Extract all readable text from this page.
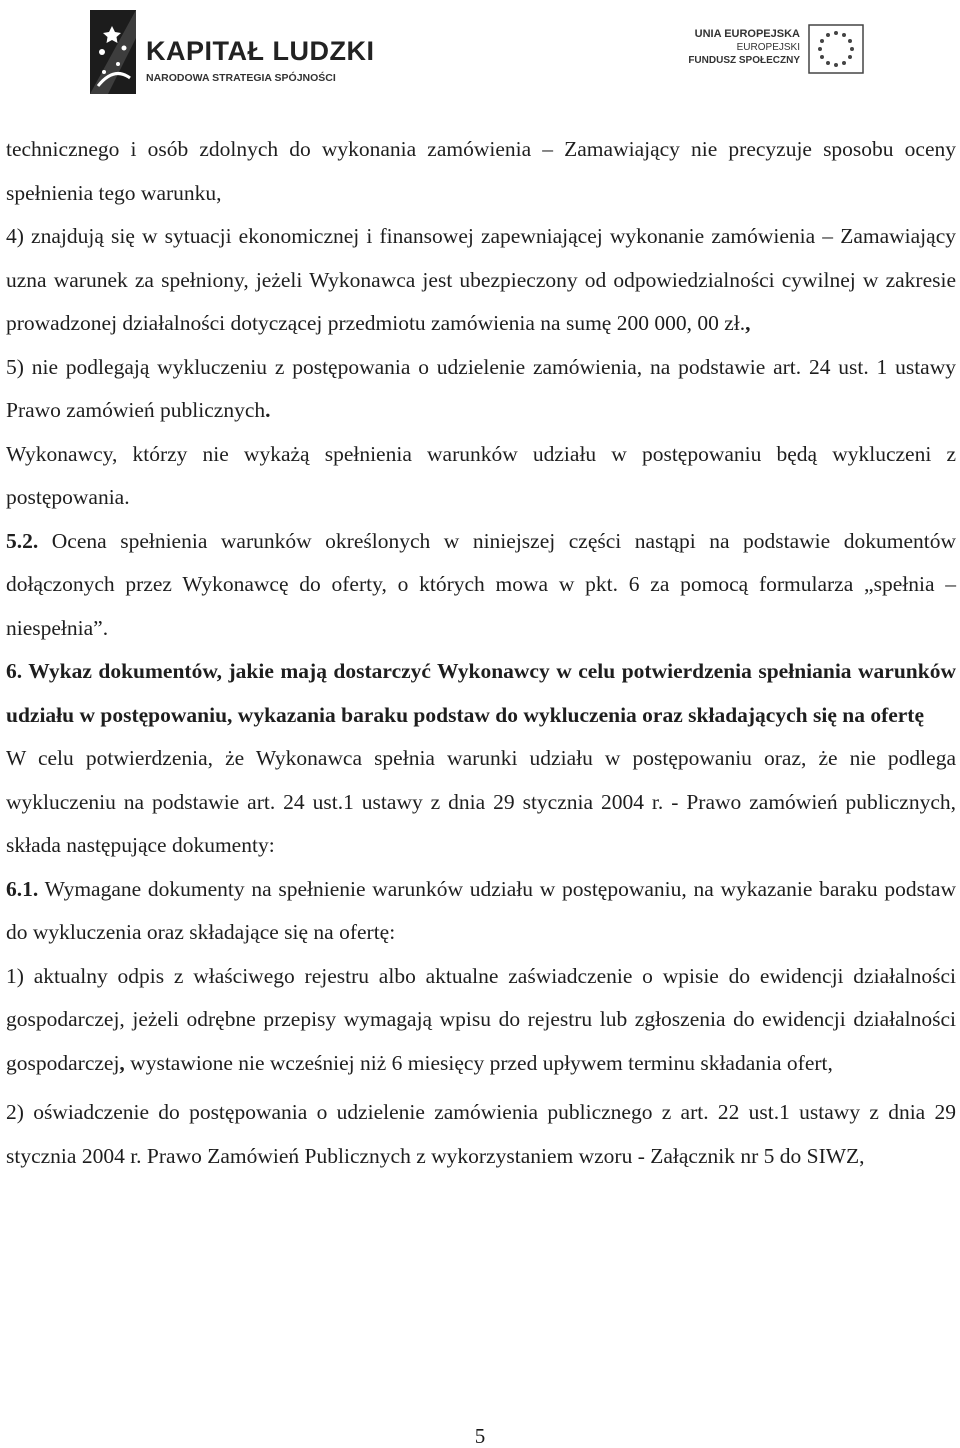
KAPITAŁ LUDZKI
NARODOWA STRATEGIA SPÓJNOŚCI
UNIA EUROPEJSKA
EUROPEJSKI
FUNDUSZ SPOŁECZNY

technicznego i osób zdolnych do wykonania zamówienia – Zamawiający nie precyzuje sposobu oceny spełnienia tego warunku,

4) znajdują się w sytuacji ekonomicznej i finansowej zapewniającej wykonanie zamówienia – Zamawiający uzna warunek za spełniony, jeżeli Wykonawca jest ubezpieczony od odpowiedzialności cywilnej w zakresie prowadzonej działalności dotyczącej przedmiotu zamówienia na sumę 200 000, 00 zł.,

5) nie podlegają wykluczeniu z postępowania o udzielenie zamówienia, na podstawie art. 24 ust. 1 ustawy Prawo zamówień publicznych.

Wykonawcy, którzy nie wykażą spełnienia warunków udziału w postępowaniu będą wykluczeni z postępowania.

5.2. Ocena spełnienia warunków określonych w niniejszej części nastąpi na podstawie dokumentów dołączonych przez Wykonawcę do oferty, o których mowa w pkt. 6 za pomocą formularza „spełnia – niespełnia”.

6. Wykaz dokumentów, jakie mają dostarczyć Wykonawcy w celu potwierdzenia spełniania warunków udziału w postępowaniu, wykazania baraku podstaw do wykluczenia oraz składających się na ofertę

W celu potwierdzenia, że Wykonawca spełnia warunki udziału w postępowaniu oraz, że nie podlega wykluczeniu na podstawie art. 24 ust.1 ustawy z dnia 29 stycznia 2004 r. - Prawo zamówień publicznych, składa następujące dokumenty:

6.1. Wymagane dokumenty na spełnienie warunków udziału w postępowaniu, na wykazanie baraku podstaw do wykluczenia oraz składające się na ofertę:

1) aktualny odpis z właściwego rejestru albo aktualne zaświadczenie o wpisie do ewidencji działalności gospodarczej, jeżeli odrębne przepisy wymagają wpisu do rejestru lub zgłoszenia do ewidencji działalności gospodarczej, wystawione nie wcześniej niż 6 miesięcy przed upływem terminu składania ofert,

2) oświadczenie do postępowania o udzielenie zamówienia publicznego z art. 22 ust.1 ustawy z dnia 29 stycznia 2004 r. Prawo Zamówień Publicznych z wykorzystaniem wzoru - Załącznik nr 5 do SIWZ,

5
